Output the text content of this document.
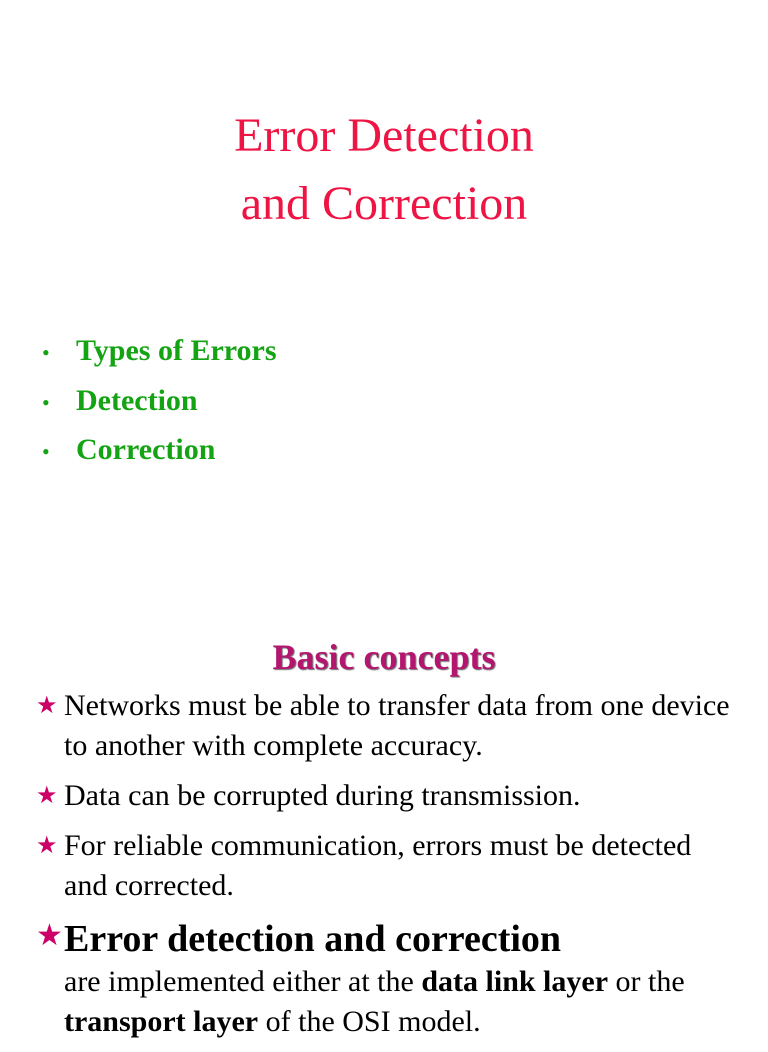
Error Detection
and Correction
• Types of Errors
• Detection
• Correction
Basic concepts
★ Networks must be able to transfer data from one device to another with complete accuracy.
★ Data can be corrupted during transmission.
★ For reliable communication, errors must be detected and corrected.
★ Error detection and correction
are implemented either at the data link layer or the transport layer of the OSI model.
